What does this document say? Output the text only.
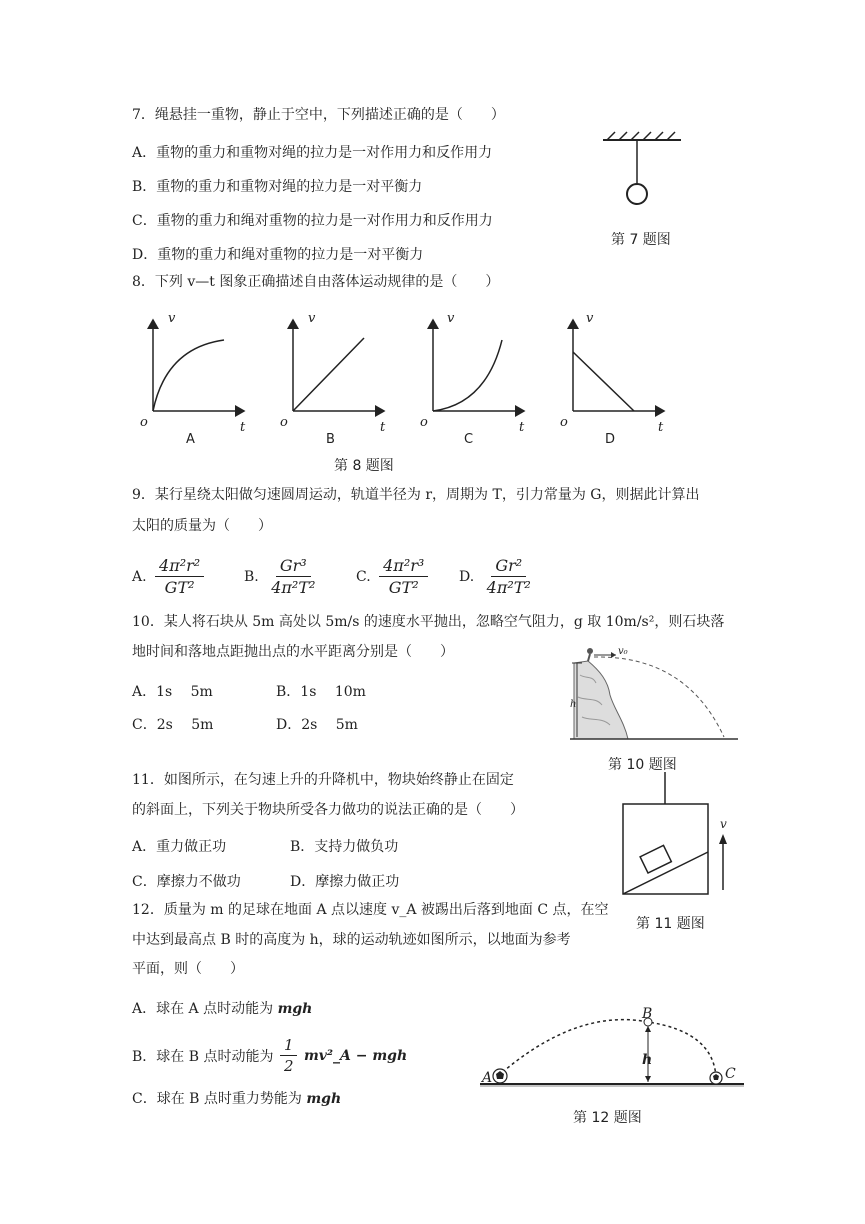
7．绳悬挂一重物，静止于空中，下列描述正确的是（　　）
A．重物的重力和重物对绳的拉力是一对作用力和反作用力
B．重物的重力和重物对绳的拉力是一对平衡力
C．重物的重力和绳对重物的拉力是一对作用力和反作用力
D．重物的重力和绳对重物的拉力是一对平衡力
第 7 题图
8．下列 v—t 图象正确描述自由落体运动规律的是（　　）
v
o	t
A
v
o	t
B
v
o	t
C
v
o	t
D
第 8 题图
9．某行星绕太阳做匀速圆周运动，轨道半径为 r，周期为 T，引力常量为 G，则据此计算出
太阳的质量为（　　）
A. $\frac{\text{4π²r²}}{\text{GT²}}$	B. $\frac{\text{Gr³}}{\text{4π²T²}}$	C. $\frac{\text{4π²r³}}{\text{GT²}} D$. $\frac{\text{Gr²}}{\text{4π²T²}}$
10．某人将石块从 5m 高处以 5m/s 的速度水平抛出，忽略空气阻力，g 取 10m/s²，则石块落
地时间和落地点距抛出点的水平距离分别是（　　）
A．1s　 5m	B．1s　 10m
C．2s　 5m	D．2s　 5m
h
v₀
第 10 题图
11．如图所示，在匀速上升的升降机中，物块始终静止在固定
的斜面上，下列关于物块所受各力做功的说法正确的是（　　）
A．重力做正功	B．支持力做负功
C．摩擦力不做功	D．摩擦力做正功
v
第 11 题图
12．质量为 m 的足球在地面 A 点以速度 v_A 被踢出后落到地面 C 点，在空
中达到最高点 B 时的高度为 h，球的运动轨迹如图所示，以地面为参考
平面，则（　　）
A．球在 A 点时动能为 mgh
B．球在 B 点时动能为 $\frac{1}{2}$ mv²_A − mgh
C．球在 B 点时重力势能为 mgh
A
B
C
h
第 12 题图
